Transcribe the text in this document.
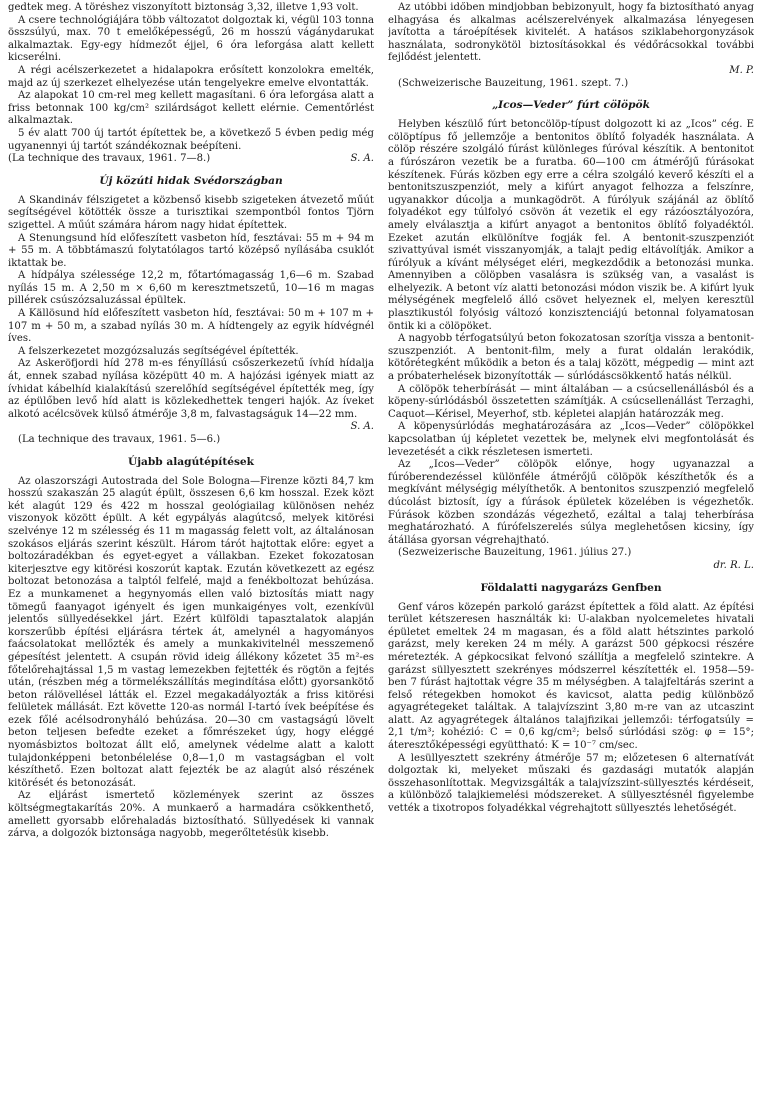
gedtek meg. A töréshez viszonyított biztonság 3,32, illetve 1,93 volt.

A csere technológiájára több változatot dolgoztak ki, végül 103 tonna összsúlyú, max. 70 t emelőképességű, 26 m hosszú vágánydarukat alkalmaztak. Egy-egy hídmezőt éjjel, 6 óra leforgása alatt kellett kicserélni.

A régi acélszerkezetet a hidalapokra erősített konzolokra emelték, majd az új szerkezet elhelyezése után tengelyekre emelve elvontatták.

Az alapokat 10 cm-rel meg kellett magasítani. 6 óra leforgása alatt a friss betonnak 100 kg/cm² szilárdságot kellett elérnie. Cementőrlést alkalmaztak.

5 év alatt 700 új tartót építettek be, a következő 5 évben pedig még ugyanennyi új tartót szándékoznak beépíteni.

(La technique des travaux, 1961. 7—8.)	S. A.
Új közúti hidak Svédországban

A Skandináv félszigetet a közbenső kisebb szigeteken átvezető műút segítségével kötötték össze a turisztikai szempontból fontos Tjörn szigettel. A műút számára három nagy hidat építettek.

A Stenungsund híd előfeszített vasbeton híd, fesztávai: 55 m + 94 m + 55 m. A többtámaszú folytatólagos tartó középső nyílásába csuklót iktattak be.

A hídpálya szélessége 12,2 m, főtartómagasság 1,6—6 m. Szabad nyílás 15 m. A 2,50 m × 6,60 m keresztmetszetű, 10—16 m magas pillérek csúszózsaluzással épültek.

A Källösund híd előfeszített vasbeton híd, fesztávai: 50 m + 107 m + 107 m + 50 m, a szabad nyílás 30 m. A hídtengely az egyik hídvégnél íves.

A felszerkezetet mozgózsaluzás segítségével építették.

Az Askeröfjordi híd 278 m-es fényíllású csőszerkezetű ívhíd hídalja át, ennek szabad nyílása középütt 40 m. A hajózási igények miatt az ívhidat kábelhíd kialakítású szerelőhíd segítségével építették meg, így az épülőben levő híd alatt is közlekedhettek tengeri hajók. Az íveket alkotó acélcsövek külső átmérője 3,8 m, falvastagságuk 14—22 mm.

S. A.

(La technique des travaux, 1961. 5—6.)

Újabb alagútépítések

Az olaszországi Autostrada del Sole Bologna—Firenze közti 84,7 km hosszú szakaszán 25 alagút épült, összesen 6,6 km hosszal. Ezek közt két alagút 129 és 422 m hosszal geológiailag különösen nehéz viszonyok között épült. A két egypályás alagútcső, melyek kitörési szelvénye 12 m szélesség és 11 m magasság felett volt, az általánosan szokásos eljárás szerint készült. Három tárót hajtottak előre: egyet a boltozáradékban és egyet-egyet a vállakban. Ezeket fokozatosan kiterjesztve egy kitörési koszorút kaptak. Ezután következett az egész boltozat betonozása a talptól felfelé, majd a fenékboltozat behúzása. Ez a munkamenet a hegynyomás ellen való biztosítás miatt nagy tömegű faanyagot igényelt és igen munkaigényes volt, ezenkívül jelentős süllyedésekkel járt. Ezért külföldi tapasztalatok alapján korszerűbb építési eljárásra tértek át, amelynél a hagyományos faácsolatokat mellőzték és amely a munkakivitelnél messzemenő gépesítést jelentett. A csupán rövid ideig állékony kőzetet 35 m²-es főtelőrehajtással 1,5 m vastag lemezekben fejtették és rögtön a fejtés után, (részben még a törmelékszállítás megindítása előtt) gyorsankötő beton rálövellésel látták el. Ezzel megakadályozták a friss kitörési felületek mállását. Ezt követte 120-as normál I-tartó ívek beépítése és ezek főlé acélsodronyháló behúzása. 20—30 cm vastagságú lövelt beton teljesen befedte ezeket a főmrészeket úgy, hogy eléggé nyomásbiztos boltozat állt elő, amelynek védelme alatt a kalott tulajdonképpeni betonbélelése 0,8—1,0 m vastagságban el volt készíthető. Ezen boltozat alatt fejezték be az alagút alsó részének kitörését és betonozását.

Az eljárást ismertető közlemények szerint az összes költségmegtakarítás 20%. A munkaerő a harmadára csökkenthető, amellett gyorsabb előrehaladás biztosítható. Süllyedések ki vannak zárva, a dolgozók biztonsága nagyobb, megerőltetésük kisebb.

Az utóbbi időben mindjobban bebizonyult, hogy fa biztosítható anyag elhagyása és alkalmas acélszerelvények alkalmazása lényegesen javította a tároépítések kivitelét. A hatásos sziklabehorgonyzások használata, sodronykötöl biztosításokkal és védőrácsokkal további fejlődést jelentett.

M. P.

(Schweizerische Bauzeitung, 1961. szept. 7.)

„Icos—Veder” fúrt cölöpök

Helyben készülő fúrt betoncölöp-típust dolgozott ki az „Icos” cég. E cölöptípus fő jellemzője a bentonitos öblítő folyadék használata. A cölöp részére szolgáló fúrást különleges fúróval készítik. A bentonitot a fúrószáron vezetik be a furatba. 60—100 cm átmérőjű fúrásokat készítenek. Fúrás közben egy erre a célra szolgáló keverő készíti el a bentonitszuszpenziót, mely a kifúrt anyagot felhozza a felszínre, ugyanakkor dúcolja a munkagödröt. A fúrólyuk szájánál az öblítő folyadékot egy túlfolyó csövön át vezetik el egy rázóosztályozóra, amely elválasztja a kifúrt anyagot a bentonitos öblítő folyadéktól. Ezeket azután elkülönítve fogják fel. A bentonit-szuszpenziót szivattyúval ismét visszanyomják, a talajt pedig eltávolítják. Amikor a fúrólyuk a kívánt mélységet eléri, megkezdődik a betonozási munka. Amennyiben a cölöpben vasalásra is szükség van, a vasalást is elhelyezik. A betont víz alatti betonozási módon viszik be. A kifúrt lyuk mélységének megfelelő álló csövet helyeznek el, melyen keresztül plasztikustól folyósig változó konzisztenciájú betonnal folyamatosan öntik ki a cölöpöket.

A nagyobb térfogatsúlyú beton fokozatosan szorítja vissza a bentonit-szuszpenziót. A bentonit-film, mely a furat oldalán lerakódik, kötőrétegként működik a beton és a talaj között, mégpedig — mint azt a próbaterhelések bizonyították — súrlódáscsökkentő hatás nélkül.

A cölöpök teherbírását — mint általában — a csúcsellenállásból és a köpeny-súrlódásból összetetten számítják. A csúcsellenállást Terzaghi, Caquot—Kérisel, Meyerhof, stb. képletei alapján határozzák meg.

A köpenysúrlódás meghatározására az „Icos—Veder” cölöpökkel kapcsolatban új képletet vezettek be, melynek elvi megfontolását és levezetését a cikk részletesen ismerteti.

Az „Icos—Veder” cölöpök előnye, hogy ugyanazzal a fúróberendezéssel különféle átmérőjű cölöpök készíthetők és a megkívánt mélységig mélyíthetők. A bentonitos szuszpenzió megfelelő dúcolást biztosít, így a fúrások épületek közelében is végezhetők. Fúrások közben szondázás végezhető, ezáltal a talaj teherbírása meghatározható. A fúrófelszerelés súlya meglehetősen kicsiny, így átállása gyorsan végrehajtható.

(Sezweizerische Bauzeitung, 1961. július 27.)

dr. R. L.
Földalatti nagygarázs Genfben

Genf város közepén parkoló garázst építettek a föld alatt. Az építési terület kétszeresen használták ki: U-alakban nyolcemeletes hivatali épületet emeltek 24 m magasan, és a föld alatt hétszintes parkoló garázst, mely kereken 24 m mély. A garázst 500 gépkocsi részére méretezték. A gépkocsikat felvonó szállítja a megfelelő szintekre. A garázst süllyesztett szekrényes módszerrel készítették el. 1958—59-ben 7 fúrást hajtottak végre 35 m mélységben. A talajfeltárás szerint a felső rétegekben homokot és kavicsot, alatta pedig különböző agyagrétegeket találtak. A talajvízszint 3,80 m-re van az utcaszint alatt. Az agyagrétegek általános talajfizikai jellemzői: térfogatsúly = 2,1 t/m³; kohézió: C = 0,6 kg/cm²; belső súrlódási szög: φ = 15°; áteresztőképességi együttható: K = 10⁻⁷ cm/sec.

A lesüllyesztett szekrény átmérője 57 m; előzetesen 6 alternatívát dolgoztak ki, melyeket műszaki és gazdasági mutatók alapján összehasonlítottak. Megvizsgálták a talajvízszint-süllyesztés kérdéseit, a különböző talajkiemelési módszereket. A süllyesztésnél figyelembe vették a tixotropos folyadékkal végrehajtott süllyesztés lehetőségét.
